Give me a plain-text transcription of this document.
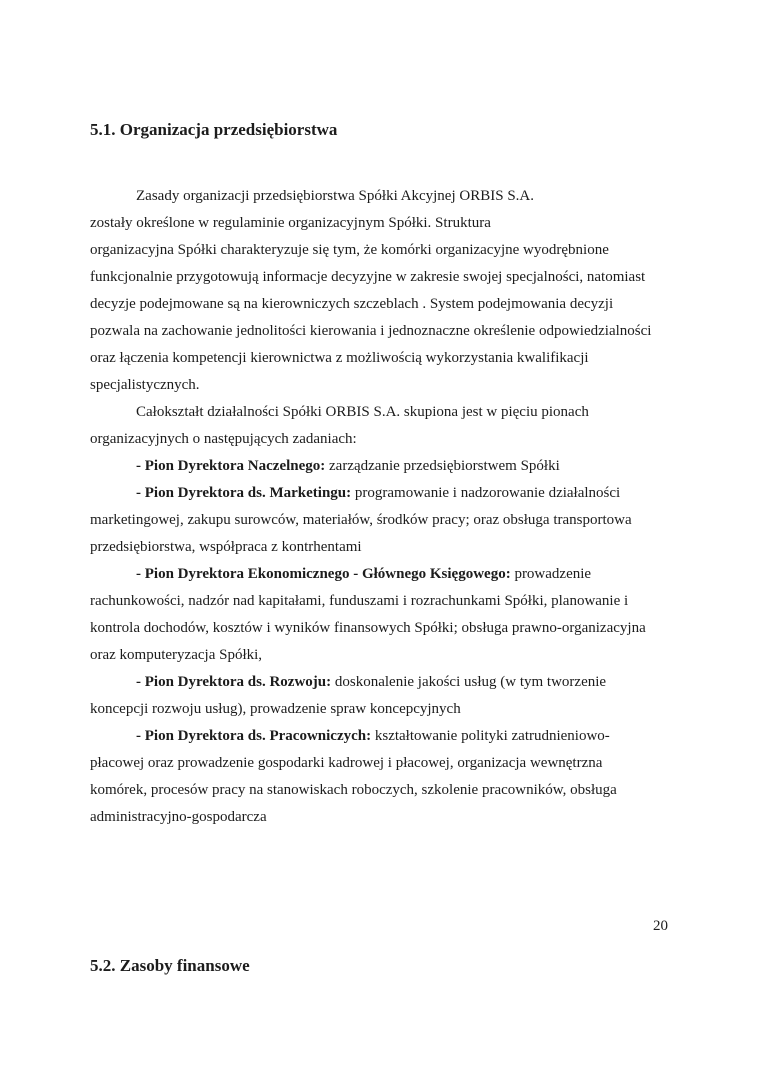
5.1. Organizacja przedsiębiorstwa
Zasady organizacji przedsiębiorstwa Spółki Akcyjnej ORBIS S.A.
zostały określone w regulaminie organizacyjnym Spółki. Struktura
organizacyjna Spółki charakteryzuje się tym, że komórki organizacyjne wyodrębnione
funkcjonalnie przygotowują informacje decyzyjne w zakresie swojej specjalności, natomiast
decyzje podejmowane są na kierowniczych szczeblach . System podejmowania decyzji
pozwala na zachowanie jednolitości kierowania i jednoznaczne określenie odpowiedzialności
oraz łączenia kompetencji kierownictwa z możliwością wykorzystania kwalifikacji
specjalistycznych.
Całokształt działalności Spółki ORBIS S.A. skupiona jest w pięciu pionach
organizacyjnych o następujących zadaniach:
- Pion Dyrektora Naczelnego: zarządzanie przedsiębiorstwem Spółki
- Pion Dyrektora ds. Marketingu: programowanie i nadzorowanie działalności
marketingowej, zakupu surowców, materiałów, środków pracy; oraz obsługa transportowa
przedsiębiorstwa, współpraca z kontrhentami
- Pion Dyrektora Ekonomicznego - Głównego Księgowego: prowadzenie
rachunkowości, nadzór nad kapitałami, funduszami i rozrachunkami Spółki, planowanie i
kontrola dochodów, kosztów i wyników finansowych Spółki; obsługa prawno-organizacyjna
oraz komputeryzacja Spółki,
- Pion Dyrektora ds. Rozwoju: doskonalenie jakości usług (w tym tworzenie
koncepcji rozwoju usług), prowadzenie spraw koncepcyjnych
- Pion Dyrektora ds. Pracowniczych: kształtowanie polityki zatrudnieniowo-
płacowej oraz prowadzenie gospodarki kadrowej i płacowej, organizacja wewnętrzna
komórek, procesów pracy na stanowiskach roboczych, szkolenie pracowników, obsługa
administracyjno-gospodarcza
20
5.2. Zasoby finansowe
